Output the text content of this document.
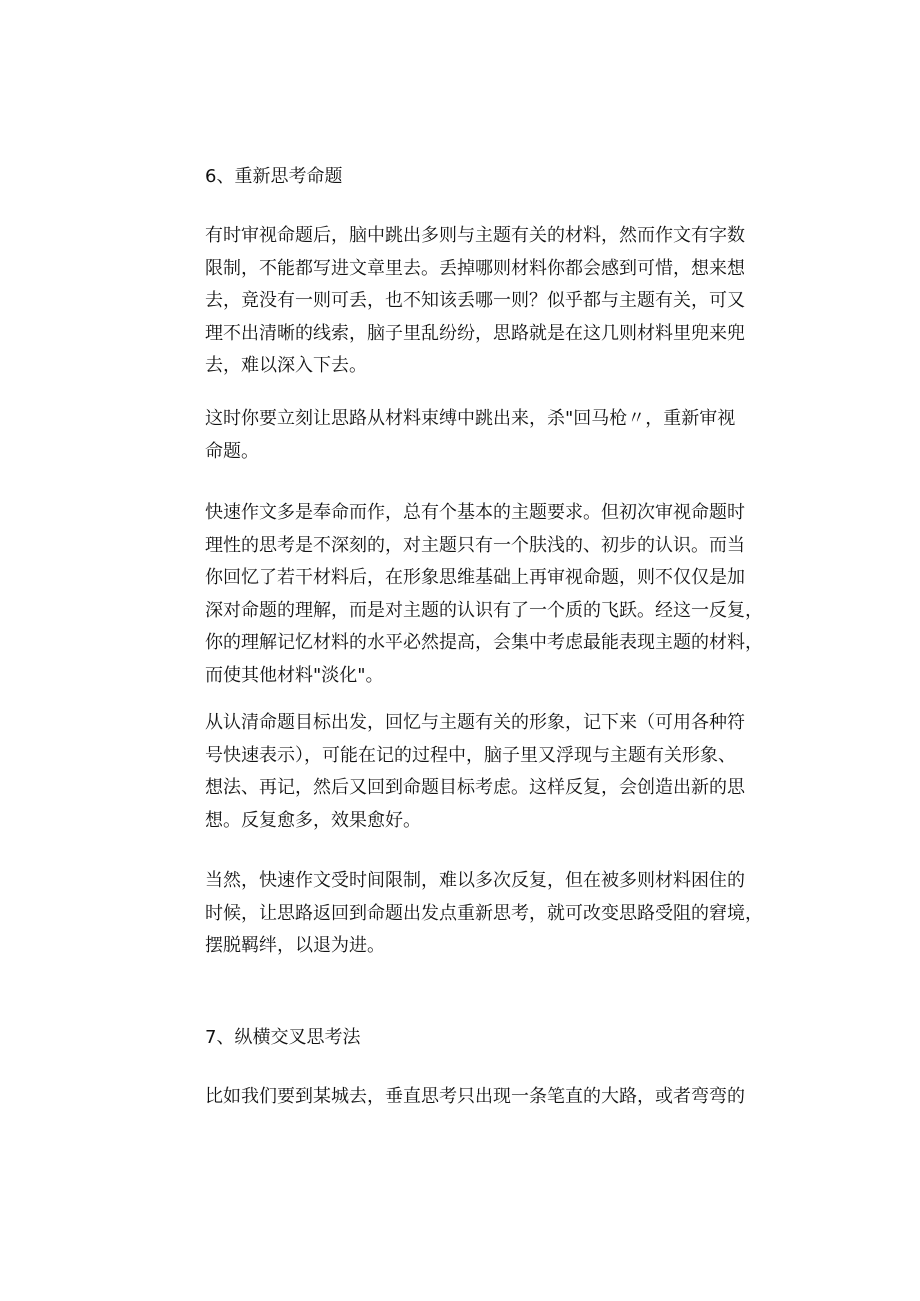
6、重新思考命题
有时审视命题后，脑中跳出多则与主题有关的材料，然而作文有字数
限制，不能都写进文章里去。丢掉哪则材料你都会感到可惜，想来想
去，竟没有一则可丢，也不知该丢哪一则？似乎都与主题有关，可又
理不出清晰的线索，脑子里乱纷纷，思路就是在这几则材料里兜来兜
去，难以深入下去。
这时你要立刻让思路从材料束缚中跳出来，杀"回马枪〃，重新审视
命题。
快速作文多是奉命而作，总有个基本的主题要求。但初次审视命题时
理性的思考是不深刻的，对主题只有一个肤浅的、初步的认识。而当
你回忆了若干材料后，在形象思维基础上再审视命题，则不仅仅是加
深对命题的理解，而是对主题的认识有了一个质的飞跃。经这一反复，
你的理解记忆材料的水平必然提高，会集中考虑最能表现主题的材料，
而使其他材料"淡化"。
从认清命题目标出发，回忆与主题有关的形象，记下来（可用各种符
号快速表示），可能在记的过程中，脑子里又浮现与主题有关形象、
想法、再记，然后又回到命题目标考虑。这样反复，会创造出新的思
想。反复愈多，效果愈好。
当然，快速作文受时间限制，难以多次反复，但在被多则材料困住的
时候，让思路返回到命题出发点重新思考，就可改变思路受阻的窘境，
摆脱羁绊，以退为进。
7、纵横交叉思考法
比如我们要到某城去，垂直思考只出现一条笔直的大路，或者弯弯的
